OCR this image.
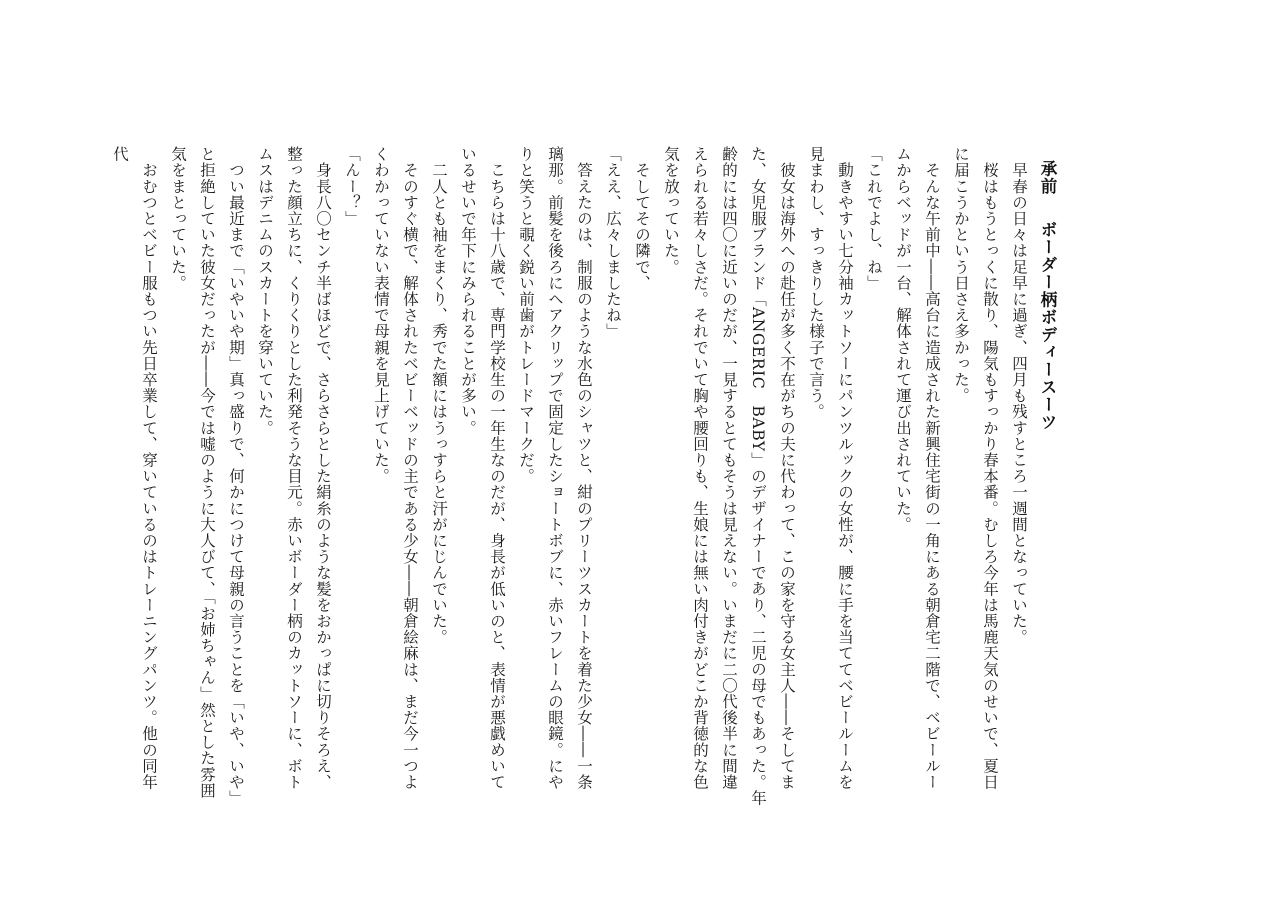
承前ボーダー柄ボディースーツ

　早春の日々は足早に過ぎ、四月も残すところ一週間となっていた。

　桜はもうとっくに散り、陽気もすっかり春本番。むしろ今年は馬鹿天気のせいで、夏日に届こうかという日さえ多かった。

　そんな午前中――高台に造成された新興住宅街の一角にある朝倉宅二階で、ベビールームからベッドが一台、解体されて運び出されていた。

「これでよし、ね」

　動きやすい七分袖カットソーにパンツルックの女性が、腰に手を当ててベビールームを見まわし、すっきりした様子で言う。

　彼女は海外への赴任が多く不在がちの夫に代わって、この家を守る女主人――そしてまた、女児服ブランド「ANGERIC　BABY」のデザイナーであり、二児の母でもあった。年齢的には四〇に近いのだが、一見するとてもそうは見えない。いまだに二〇代後半に間違えられる若々しさだ。それでいて胸や腰回りも、生娘には無い肉付きがどこか背徳的な色気を放っていた。

　そしてその隣で、

「ええ、広々しましたね」

　答えたのは、制服のような水色のシャツと、紺のプリーツスカートを着た少女――一条璃那。前髪を後ろにヘアクリップで固定したショートボブに、赤いフレームの眼鏡。にやりと笑うと覗く鋭い前歯がトレードマークだ。

　こちらは十八歳で、専門学校生の一年生なのだが、身長が低いのと、表情が悪戯めいているせいで年下にみられることが多い。

　二人とも袖をまくり、秀でた額にはうっすらと汗がにじんでいた。

　そのすぐ横で、解体されたベビーベッドの主である少女――朝倉絵麻は、まだ今一つよくわかっていない表情で母親を見上げていた。

「んー？」

　身長八〇センチ半ばほどで、さらさらとした絹糸のような髪をおかっぱに切りそろえ、整った顔立ちに、くりくりとした利発そうな目元。赤いボーダー柄のカットソーに、ボトムスはデニムのスカートを穿いていた。

　つい最近まで「いやいや期」真っ盛りで、何かにつけて母親の言うことを「いや、いや」と拒絶していた彼女だったが――今では嘘のように大人びて、「お姉ちゃん」然とした雰囲気をまとっていた。

　おむつとベビー服もつい先日卒業して、穿いているのはトレーニングパンツ。他の同年代
